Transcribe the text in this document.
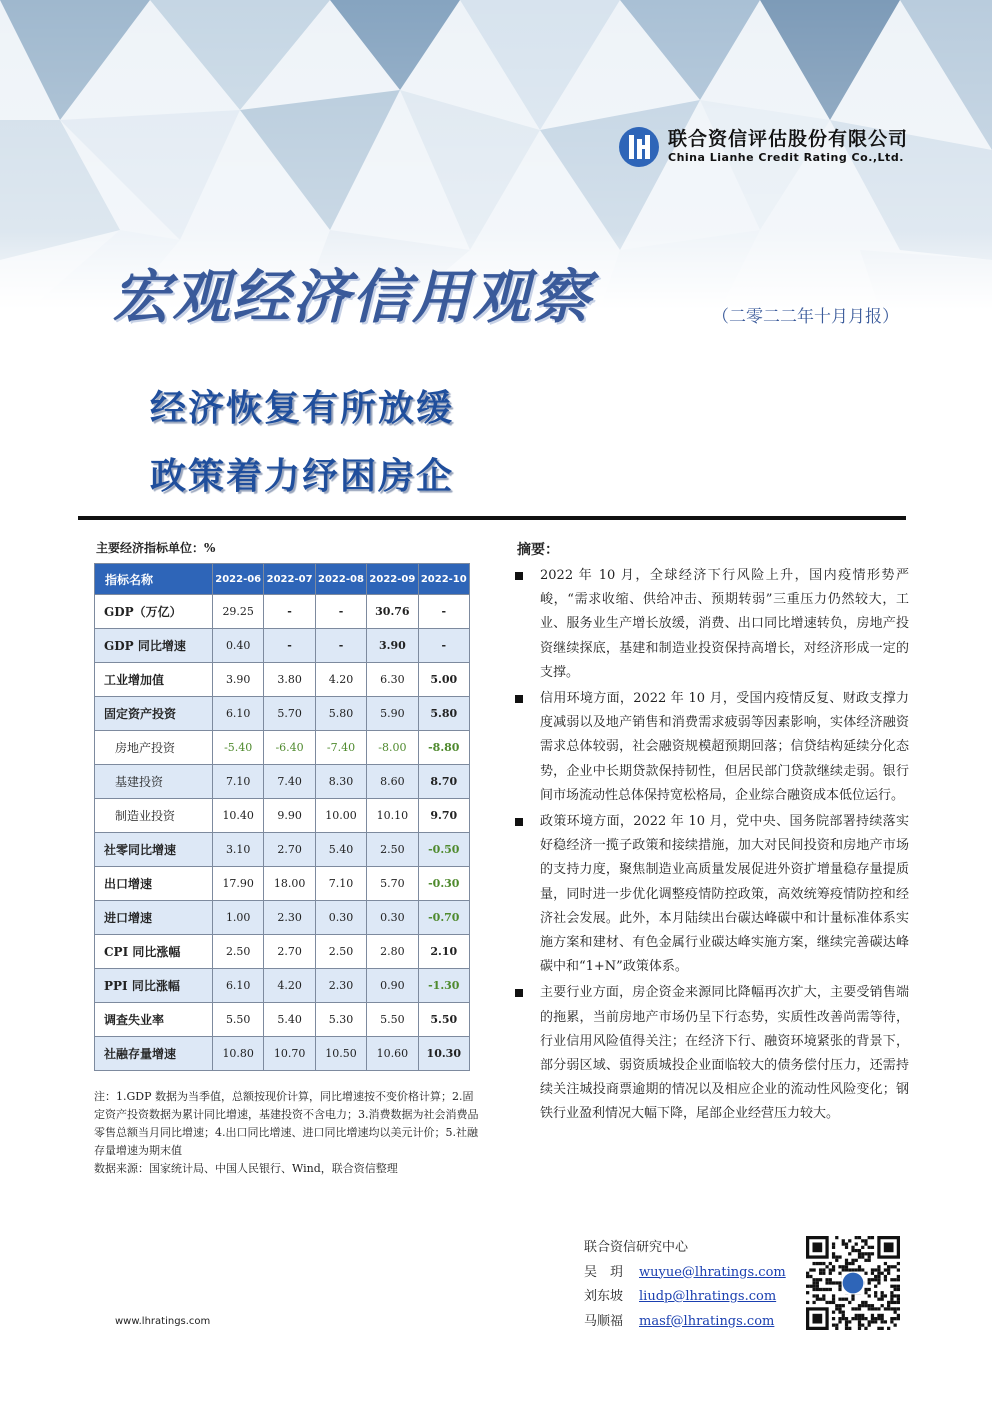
联合资信评估股份有限公司
China Lianhe Credit Rating Co.,Ltd.
宏观经济信用观察	（二零二二年十月月报）
经济恢复有所放缓
政策着力纾困房企
主要经济指标单位：%
指标名称	2022-06	2022-07	2022-08	2022-09	2022-10
GDP（万亿）	29.25	-	-	30.76	-
GDP 同比增速	0.40	-	-	3.90	-
工业增加值	3.90	3.80	4.20	6.30	5.00
固定资产投资	6.10	5.70	5.80	5.90	5.80
房地产投资	-5.40	-6.40	-7.40	-8.00	-8.80
基建投资	7.10	7.40	8.30	8.60	8.70
制造业投资	10.40	9.90	10.00	10.10	9.70
社零同比增速	3.10	2.70	5.40	2.50	-0.50
出口增速	17.90	18.00	7.10	5.70	-0.30
进口增速	1.00	2.30	0.30	0.30	-0.70
CPI 同比涨幅	2.50	2.70	2.50	2.80	2.10
PPI 同比涨幅	6.10	4.20	2.30	0.90	-1.30
调查失业率	5.50	5.40	5.30	5.50	5.50
社融存量增速	10.80	10.70	10.50	10.60	10.30
注：1.GDP 数据为当季值，总额按现价计算，同比增速按不变价格计算；2.固定资产投资数据为累计同比增速，基建投资不含电力；3.消费数据为社会消费品零售总额当月同比增速；4.出口同比增速、进口同比增速均以美元计价；5.社融存量增速为期末值
数据来源：国家统计局、中国人民银行、Wind，联合资信整理
摘要：
2022 年 10 月，全球经济下行风险上升，国内疫情形势严峻，“需求收缩、供给冲击、预期转弱”三重压力仍然较大，工业、服务业生产增长放缓，消费、出口同比增速转负，房地产投资继续探底，基建和制造业投资保持高增长，对经济形成一定的支撑。
信用环境方面，2022 年 10 月，受国内疫情反复、财政支撑力度减弱以及地产销售和消费需求疲弱等因素影响，实体经济融资需求总体较弱，社会融资规模超预期回落；信贷结构延续分化态势，企业中长期贷款保持韧性，但居民部门贷款继续走弱。银行间市场流动性总体保持宽松格局，企业综合融资成本低位运行。
政策环境方面，2022 年 10 月，党中央、国务院部署持续落实好稳经济一揽子政策和接续措施，加大对民间投资和房地产市场的支持力度，聚焦制造业高质量发展促进外资扩增量稳存量提质量，同时进一步优化调整疫情防控政策，高效统筹疫情防控和经济社会发展。此外，本月陆续出台碳达峰碳中和计量标准体系实施方案和建材、有色金属行业碳达峰实施方案，继续完善碳达峰碳中和“1+N”政策体系。
主要行业方面，房企资金来源同比降幅再次扩大，主要受销售端的拖累，当前房地产市场仍呈下行态势，实质性改善尚需等待，行业信用风险值得关注；在经济下行、融资环境紧张的背景下，部分弱区域、弱资质城投企业面临较大的债务偿付压力，还需持续关注城投商票逾期的情况以及相应企业的流动性风险变化；钢铁行业盈利情况大幅下降，尾部企业经营压力较大。
联合资信研究中心
吴　玥 wuyue@lhratings.com
刘东坡 liudp@lhratings.com
马顺福 masf@lhratings.com
www.lhratings.com
